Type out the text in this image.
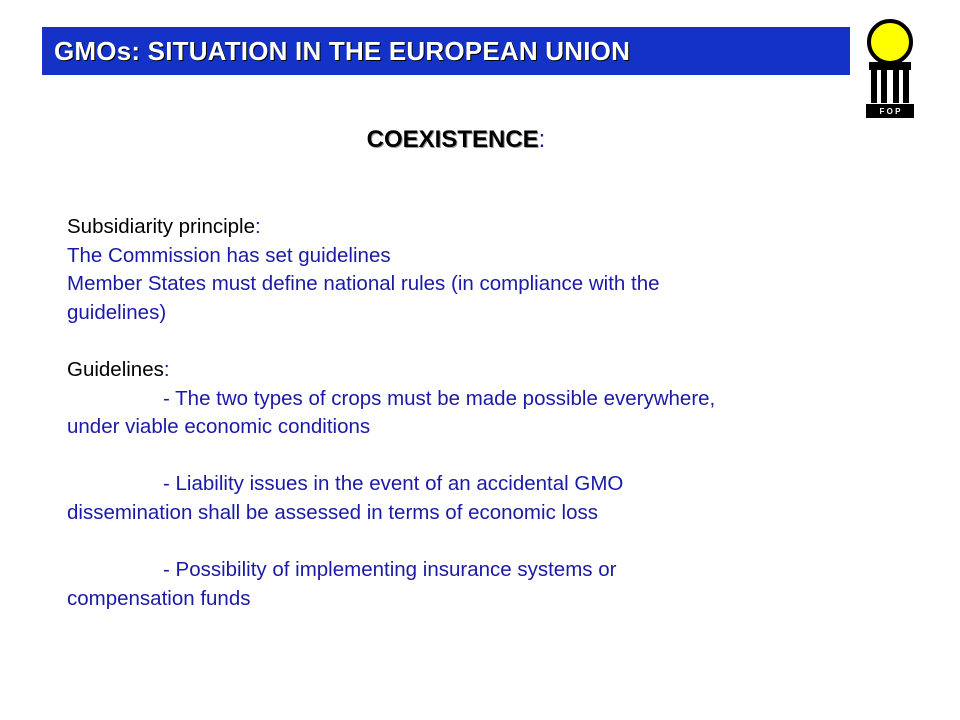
GMOs: SITUATION IN THE EUROPEAN UNION
F O P
COEXISTENCE:
Subsidiarity principle:
The Commission has set guidelines
Member States must define national rules (in compliance with the
guidelines)
Guidelines:
- The two types of crops must be made possible everywhere,
under viable economic conditions
- Liability issues in the event of an accidental GMO
dissemination shall be assessed in terms of economic loss
- Possibility of implementing insurance systems or
compensation funds
